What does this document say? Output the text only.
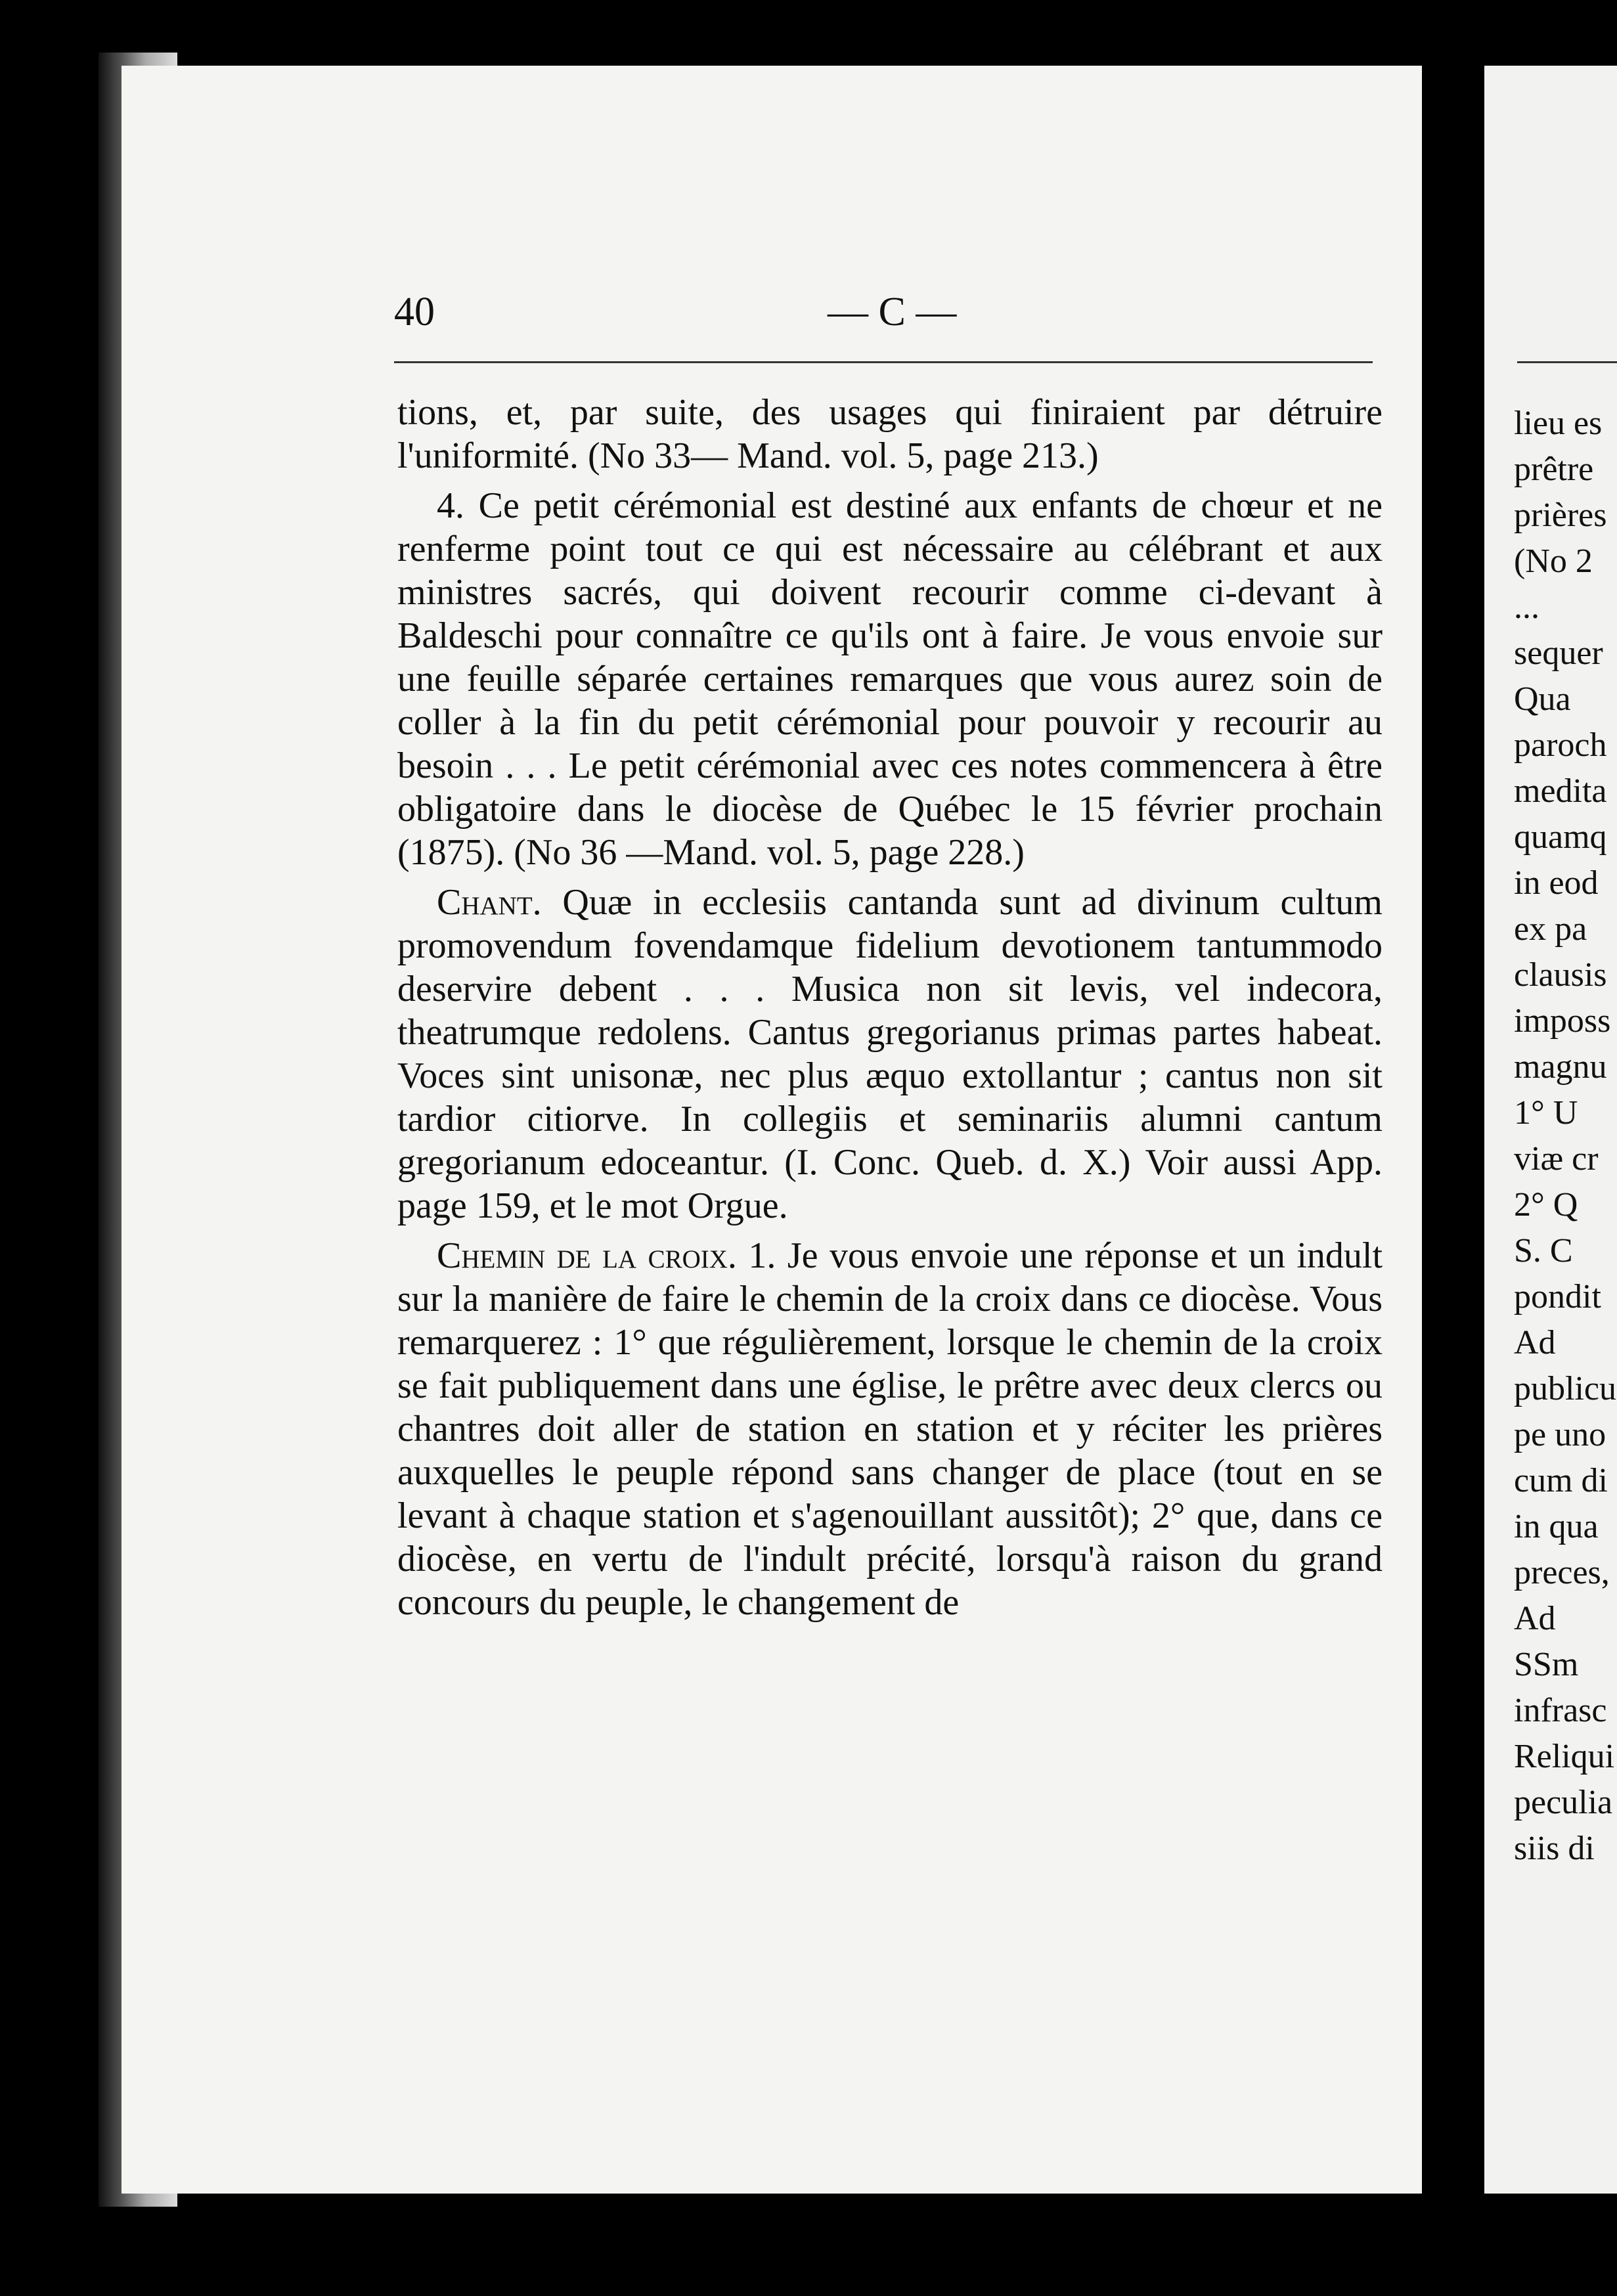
40	— C —

tions, et, par suite, des usages qui finiraient par détruire l'uniformité. (No 33— Mand. vol. 5, page 213.)

4. Ce petit cérémonial est destiné aux enfants de chœur et ne renferme point tout ce qui est nécessaire au célébrant et aux ministres sacrés, qui doivent recourir comme ci-devant à Baldeschi pour connaître ce qu'ils ont à faire. Je vous envoie sur une feuille séparée certaines remarques que vous aurez soin de coller à la fin du petit cérémonial pour pouvoir y recourir au besoin . . . Le petit cérémonial avec ces notes commencera à être obligatoire dans le diocèse de Québec le 15 février prochain (1875). (No 36 —Mand. vol. 5, page 228.)

Chant. Quæ in ecclesiis cantanda sunt ad divinum cultum promovendum fovendamque fidelium devotionem tantummodo deservire debent . . . Musica non sit levis, vel indecora, theatrumque redolens. Cantus gregorianus primas partes habeat. Voces sint unisonæ, nec plus æquo extollantur ; cantus non sit tardior citiorve. In collegiis et seminariis alumni cantum gregorianum edoceantur. (I. Conc. Queb. d. X.) Voir aussi App. page 159, et le mot Orgue.

Chemin de la croix. 1. Je vous envoie une réponse et un indult sur la manière de faire le chemin de la croix dans ce diocèse. Vous remarquerez : 1° que régulièrement, lorsque le chemin de la croix se fait publiquement dans une église, le prêtre avec deux clercs ou chantres doit aller de station en station et y réciter les prières auxquelles le peuple répond sans changer de place (tout en se levant à chaque station et s'agenouillant aussitôt); 2° que, dans ce diocèse, en vertu de l'indult précité, lorsqu'à raison du grand concours du peuple, le changement de

lieu es
prêtre
prières
(No 2
...
sequer
Qua
paroch
medita
quamq
in eod
ex pa
clausis
imposs
magnu
1° U
viæ cr
2° Q
S. C
pondit
Ad
publicu
pe uno
cum di
in qua
preces,
Ad
SSm
infrasc
Reliqui
peculia
siis di
